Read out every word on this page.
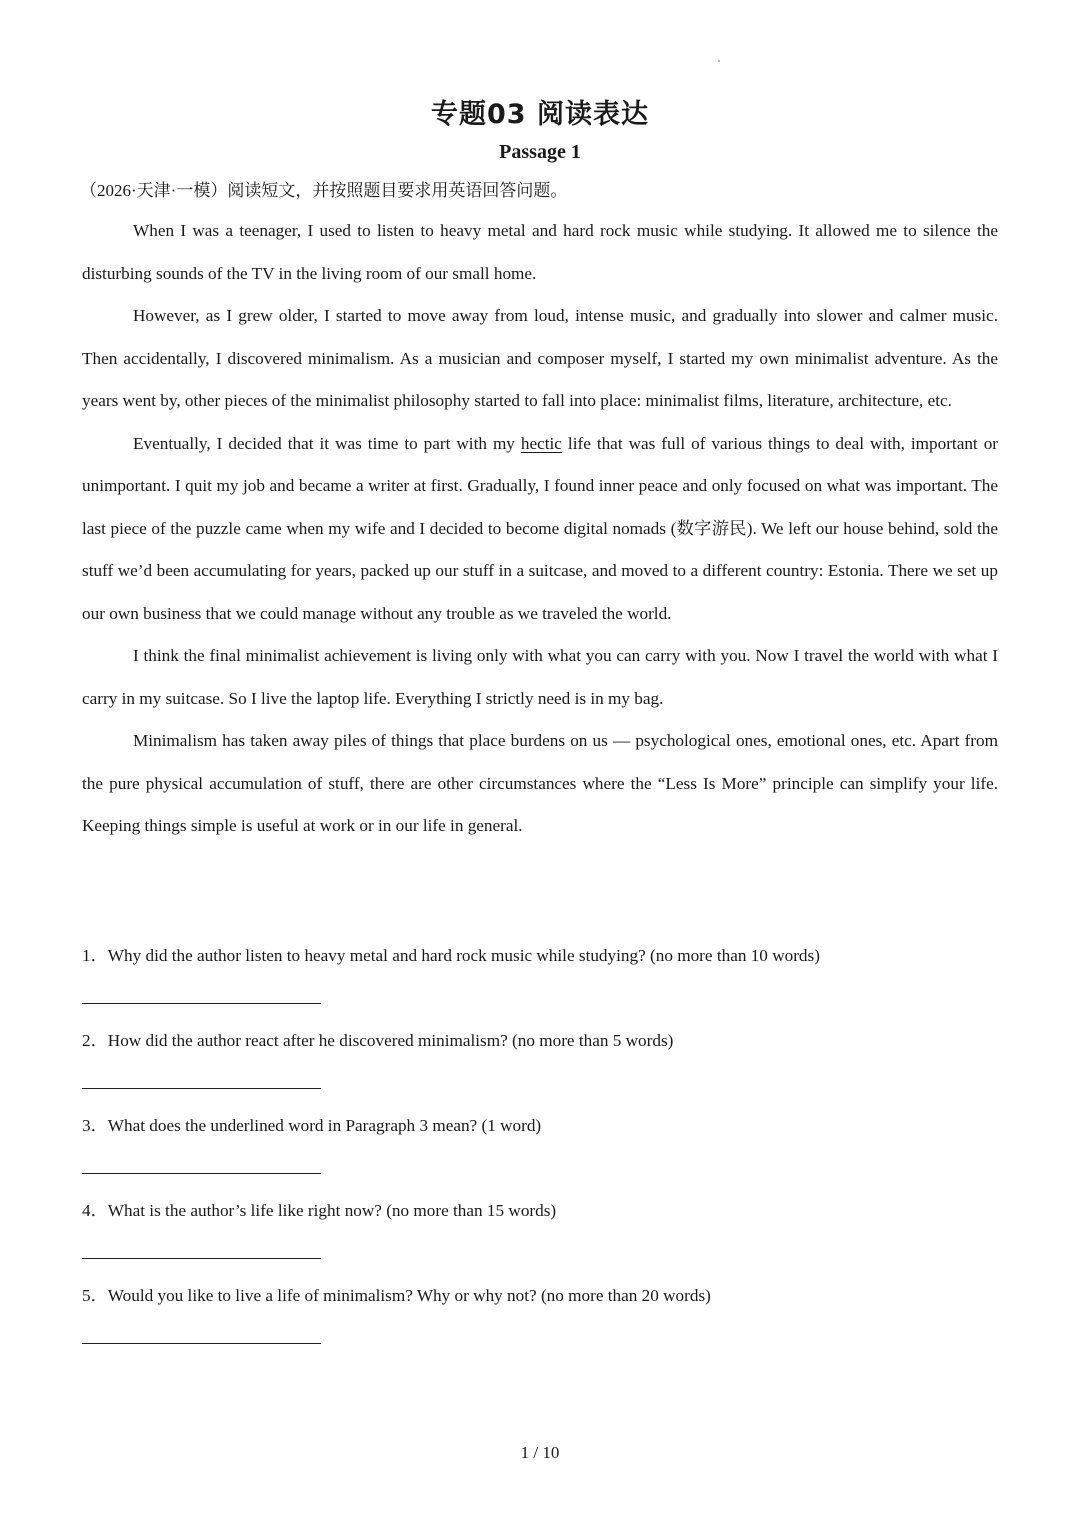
专题03 阅读表达
Passage 1
（2026·天津·一模）阅读短文，并按照题目要求用英语回答问题。

When I was a teenager, I used to listen to heavy metal and hard rock music while studying. It allowed me to silence the disturbing sounds of the TV in the living room of our small home.

However, as I grew older, I started to move away from loud, intense music, and gradually into slower and calmer music. Then accidentally, I discovered minimalism. As a musician and composer myself, I started my own minimalist adventure. As the years went by, other pieces of the minimalist philosophy started to fall into place: minimalist films, literature, architecture, etc.

Eventually, I decided that it was time to part with my hectic life that was full of various things to deal with, important or unimportant. I quit my job and became a writer at first. Gradually, I found inner peace and only focused on what was important. The last piece of the puzzle came when my wife and I decided to become digital nomads (数字游民). We left our house behind, sold the stuff we’d been accumulating for years, packed up our stuff in a suitcase, and moved to a different country: Estonia. There we set up our own business that we could manage without any trouble as we traveled the world.

I think the final minimalist achievement is living only with what you can carry with you. Now I travel the world with what I carry in my suitcase. So I live the laptop life. Everything I strictly need is in my bag.

Minimalism has taken away piles of things that place burdens on us — psychological ones, emotional ones, etc. Apart from the pure physical accumulation of stuff, there are other circumstances where the “Less Is More” principle can simplify your life. Keeping things simple is useful at work or in our life in general.

1．Why did the author listen to heavy metal and hard rock music while studying? (no more than 10 words)
2．How did the author react after he discovered minimalism? (no more than 5 words)
3．What does the underlined word in Paragraph 3 mean? (1 word)
4．What is the author’s life like right now? (no more than 15 words)
5．Would you like to live a life of minimalism? Why or why not? (no more than 20 words)
1 / 10
